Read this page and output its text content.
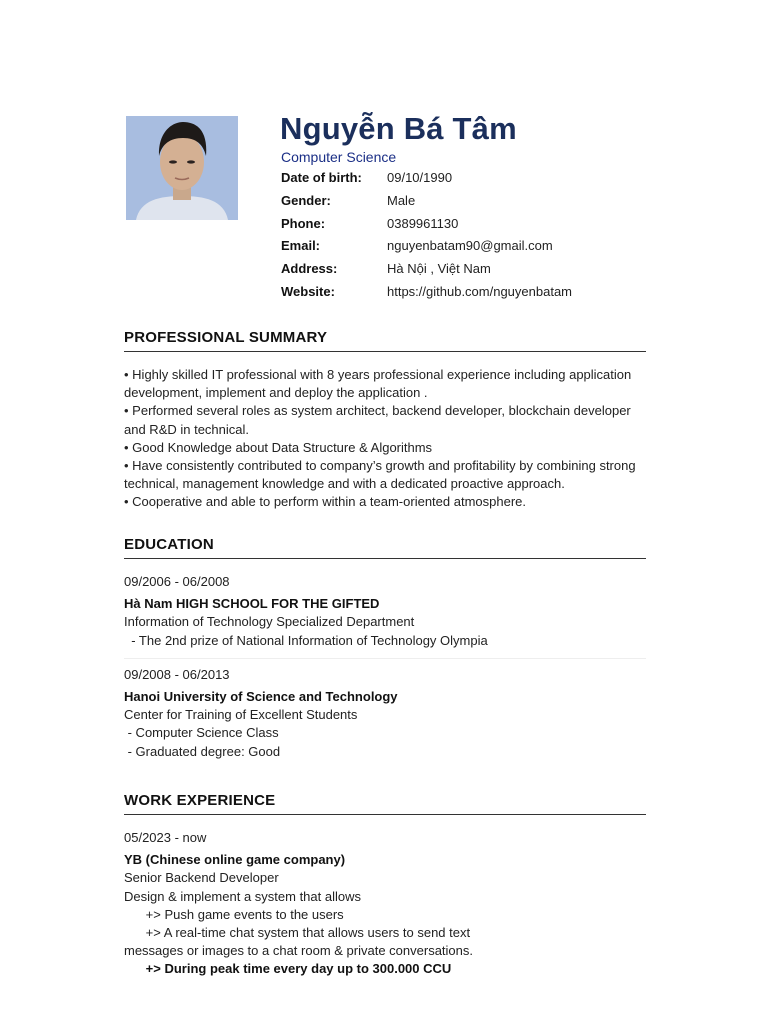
Nguyễn Bá Tâm
Computer Science
Date of birth:	09/10/1990
Gender:	Male
Phone:	0389961130
Email:	nguyenbatam90@gmail.com
Address:	Hà Nội , Việt Nam
Website:	https://github.com/nguyenbatam
PROFESSIONAL SUMMARY

• Highly skilled IT professional with 8 years professional experience including application development, implement and deploy the application .

• Performed several roles as system architect, backend developer, blockchain developer and R&D in technical.

• Good Knowledge about Data Structure & Algorithms

• Have consistently contributed to company’s growth and profitability by combining strong technical, management knowledge and with a dedicated proactive approach.

• Cooperative and able to perform within a team-oriented atmosphere.

EDUCATION
09/2006 - 06/2008
Hà Nam HIGH SCHOOL FOR THE GIFTED
Information of Technology Specialized Department
- The 2nd prize of National Information of Technology Olympia
09/2008 - 06/2013
Hanoi University of Science and Technology
Center for Training of Excellent Students
- Computer Science Class
- Graduated degree: Good
WORK EXPERIENCE
05/2023 - now
YB (Chinese online game company)
Senior Backend Developer
Design & implement a system that allows
+> Push game events to the users
+> A real-time chat system that allows users to send text
messages or images to a chat room & private conversations.
+> During peak time every day up to 300.000 CCU
